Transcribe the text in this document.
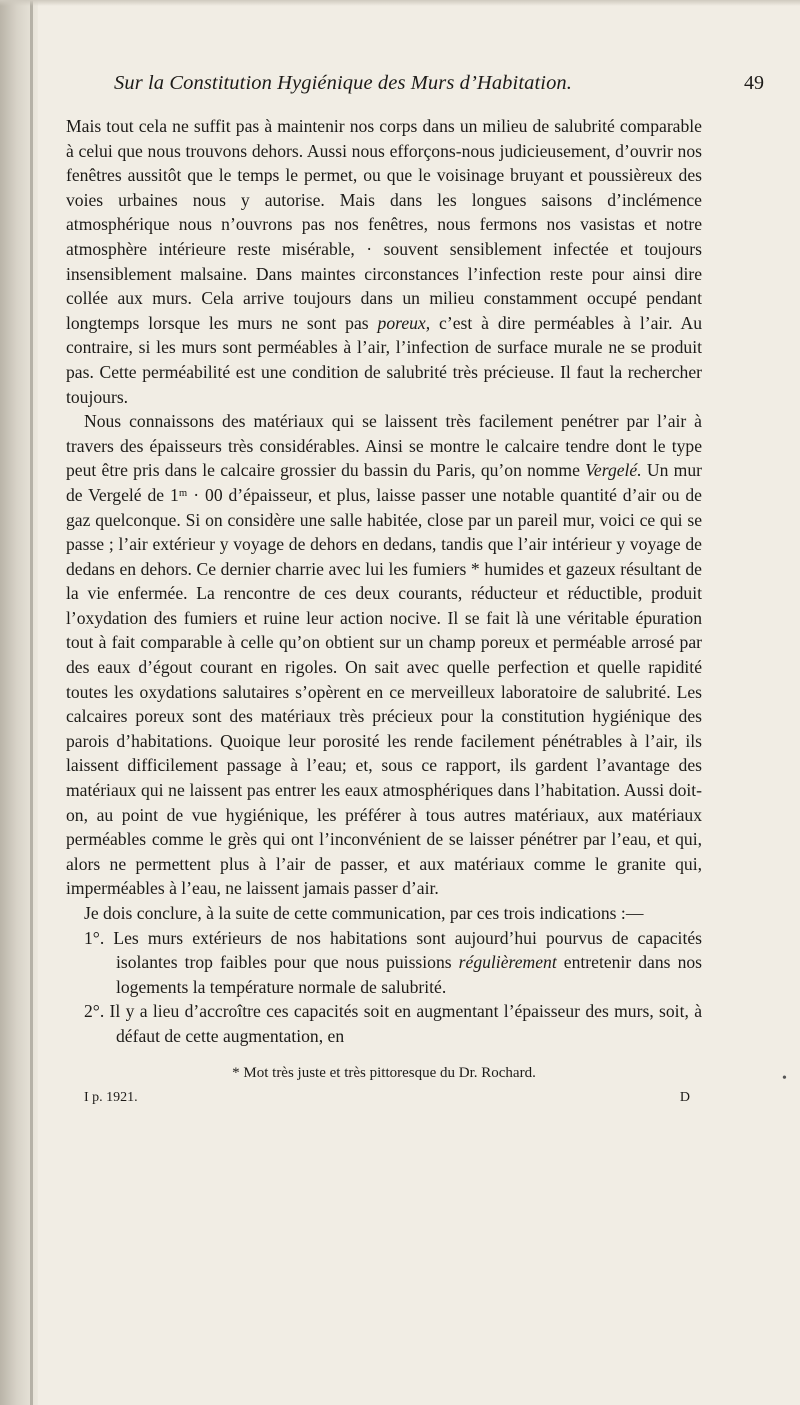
Sur la Constitution Hygiénique des Murs d’Habitation.	49

Mais tout cela ne suffit pas à maintenir nos corps dans un milieu de salubrité comparable à celui que nous trouvons dehors. Aussi nous efforçons-nous judicieusement, d’ouvrir nos fenêtres aussitôt que le temps le permet, ou que le voisinage bruyant et poussièreux des voies urbaines nous y autorise. Mais dans les longues saisons d’inclémence atmosphérique nous n’ouvrons pas nos fenêtres, nous fermons nos vasistas et notre atmosphère intérieure reste misérable, · souvent sensiblement infectée et toujours insensiblement malsaine. Dans maintes circonstances l’infection reste pour ainsi dire collée aux murs. Cela arrive toujours dans un milieu constamment occupé pendant longtemps lorsque les murs ne sont pas poreux, c’est à dire perméables à l’air. Au contraire, si les murs sont perméables à l’air, l’infection de surface murale ne se produit pas. Cette perméabilité est une condition de salubrité très précieuse. Il faut la rechercher toujours.

Nous connaissons des matériaux qui se laissent très facilement penétrer par l’air à travers des épaisseurs très considérables. Ainsi se montre le calcaire tendre dont le type peut être pris dans le calcaire grossier du bassin du Paris, qu’on nomme Vergelé. Un mur de Vergelé de 1ᵐ · 00 d’épaisseur, et plus, laisse passer une notable quantité d’air ou de gaz quelconque. Si on considère une salle habitée, close par un pareil mur, voici ce qui se passe ; l’air extérieur y voyage de dehors en dedans, tandis que l’air intérieur y voyage de dedans en dehors. Ce dernier charrie avec lui les fumiers * humides et gazeux résultant de la vie enfermée. La rencontre de ces deux courants, réducteur et réductible, produit l’oxydation des fumiers et ruine leur action nocive. Il se fait là une véritable épuration tout à fait comparable à celle qu’on obtient sur un champ poreux et perméable arrosé par des eaux d’égout courant en rigoles. On sait avec quelle perfection et quelle rapidité toutes les oxydations salutaires s’opèrent en ce merveilleux laboratoire de salubrité. Les calcaires poreux sont des matériaux très précieux pour la constitution hygiénique des parois d’habitations. Quoique leur porosité les rende facilement pénétrables à l’air, ils laissent difficilement passage à l’eau; et, sous ce rapport, ils gardent l’avantage des matériaux qui ne laissent pas entrer les eaux atmosphériques dans l’habitation. Aussi doit-on, au point de vue hygiénique, les préférer à tous autres matériaux, aux matériaux perméables comme le grès qui ont l’inconvénient de se laisser pénétrer par l’eau, et qui, alors ne permettent plus à l’air de passer, et aux matériaux comme le granite qui, imperméables à l’eau, ne laissent jamais passer d’air.

Je dois conclure, à la suite de cette communication, par ces trois indications :—

1°. Les murs extérieurs de nos habitations sont aujourd’hui pourvus de capacités isolantes trop faibles pour que nous puissions régulièrement entretenir dans nos logements la température normale de salubrité.

2°. Il y a lieu d’accroître ces capacités soit en augmentant l’épaisseur des murs, soit, à défaut de cette augmentation, en

* Mot très juste et très pittoresque du Dr. Rochard.
I p. 1921.	D
•
